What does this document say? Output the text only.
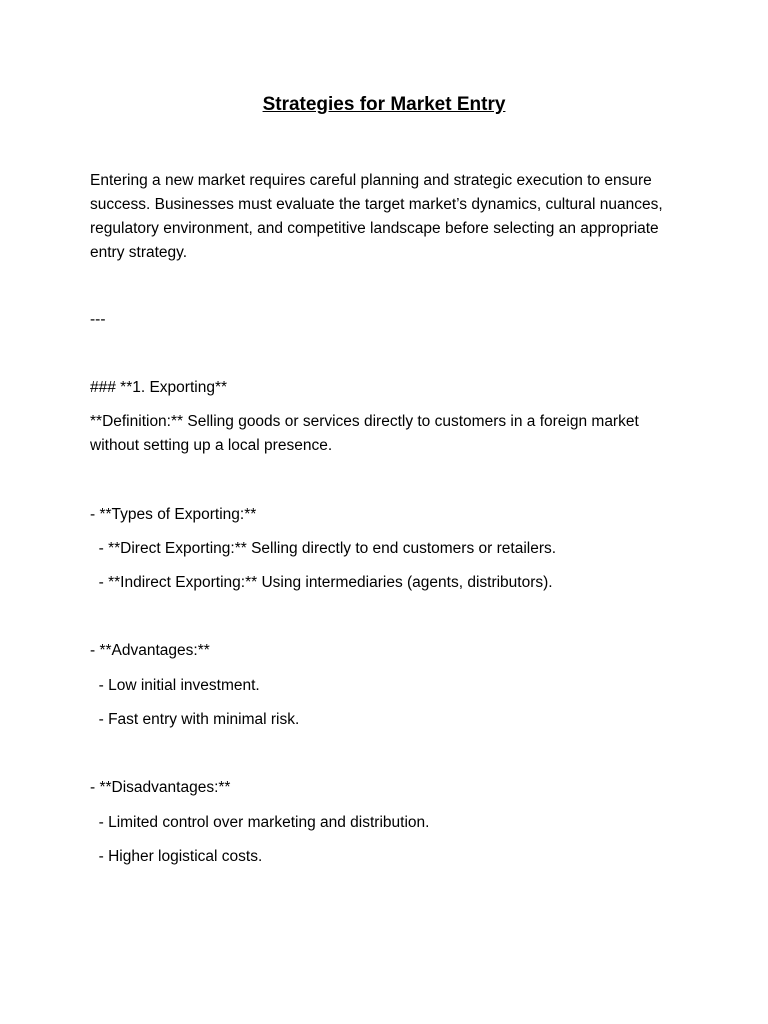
Strategies for Market Entry
Entering a new market requires careful planning and strategic execution to ensure success. Businesses must evaluate the target market’s dynamics, cultural nuances, regulatory environment, and competitive landscape before selecting an appropriate entry strategy.
---
### **1. Exporting**
**Definition:** Selling goods or services directly to customers in a foreign market without setting up a local presence.
- **Types of Exporting:**
- **Direct Exporting:** Selling directly to end customers or retailers.
- **Indirect Exporting:** Using intermediaries (agents, distributors).
- **Advantages:**
- Low initial investment.
- Fast entry with minimal risk.
- **Disadvantages:**
- Limited control over marketing and distribution.
- Higher logistical costs.
